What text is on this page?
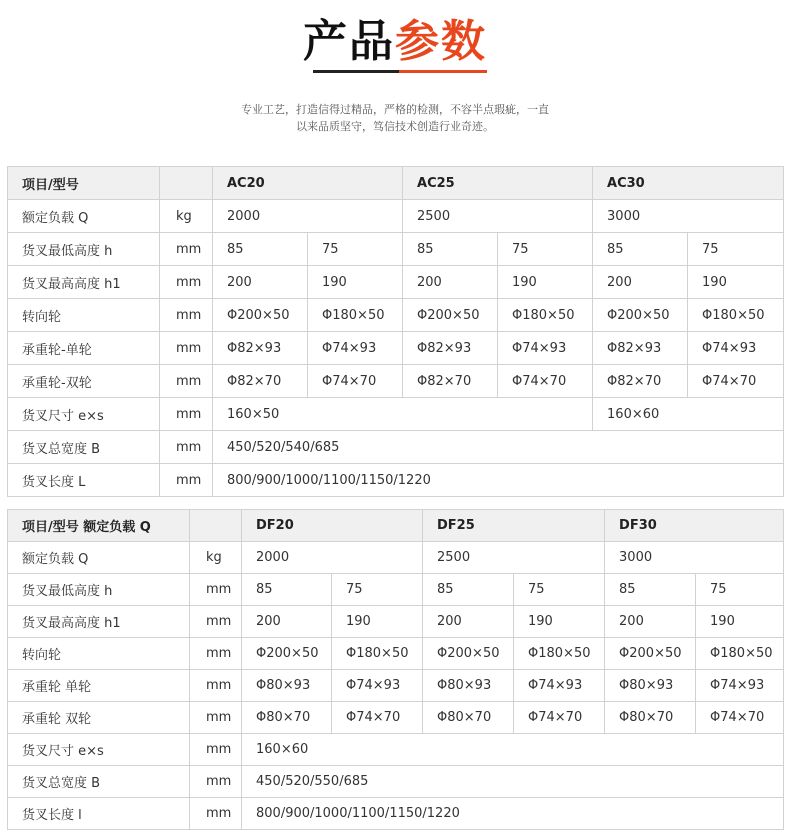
产品参数
专业工艺，打造信得过精品，严格的检测，不容半点瑕疵，一直
以来品质坚守，笃信技术创造行业奇迹。
项目/型号		AC20		AC25		AC30	
额定负载 Q	kg	2000		2500		3000	
货叉最低高度 h	mm	85	75	85	75	85	75
货叉最高高度 h1	mm	200	190	200	190	200	190
转向轮	mm	Φ200×50	Φ180×50	Φ200×50	Φ180×50	Φ200×50	Φ180×50
承重轮-单轮	mm	Φ82×93	Φ74×93	Φ82×93	Φ74×93	Φ82×93	Φ74×93
承重轮-双轮	mm	Φ82×70	Φ74×70	Φ82×70	Φ74×70	Φ82×70	Φ74×70
货叉尺寸 e×s	mm	160×50				160×60	
货叉总宽度 B	mm	450/520/540/685					
货叉长度 L	mm	800/900/1000/1100/1150/1220					
项目/型号 额定负载 Q		DF20		DF25		DF30	
额定负载 Q	kg	2000		2500		3000	
货叉最低高度 h	mm	85	75	85	75	85	75
货叉最高高度 h1	mm	200	190	200	190	200	190
转向轮	mm	Φ200×50	Φ180×50	Φ200×50	Φ180×50	Φ200×50	Φ180×50
承重轮 单轮	mm	Φ80×93	Φ74×93	Φ80×93	Φ74×93	Φ80×93	Φ74×93
承重轮 双轮	mm	Φ80×70	Φ74×70	Φ80×70	Φ74×70	Φ80×70	Φ74×70
货叉尺寸 e×s	mm	160×60					
货叉总宽度 B	mm	450/520/550/685					
货叉长度 l	mm	800/900/1000/1100/1150/1220					
